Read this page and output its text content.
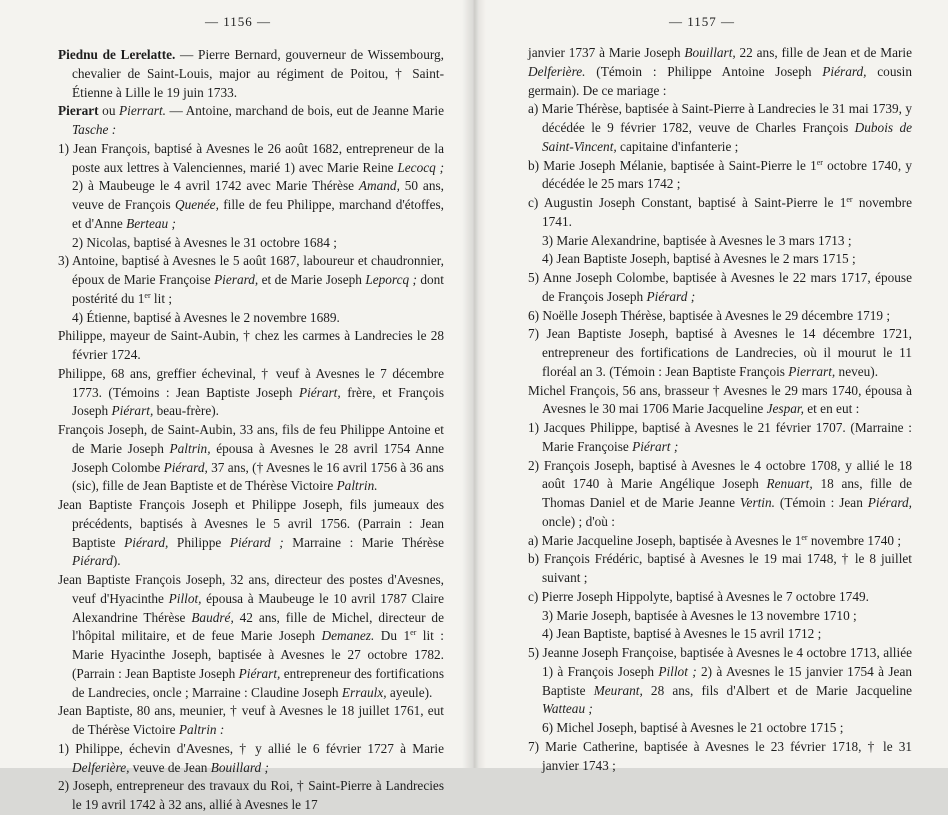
— 1156 —

Piednu de Lerelatte. — Pierre Bernard, gouverneur de Wissembourg, chevalier de Saint-Louis, major au régiment de Poitou, † Saint-Étienne à Lille le 19 juin 1733.

Pierart ou Pierrart. — Antoine, marchand de bois, eut de Jeanne Marie Tasche :

1) Jean François, baptisé à Avesnes le 26 août 1682, entrepreneur de la poste aux lettres à Valenciennes, marié 1) avec Marie Reine Lecocq ; 2) à Maubeuge le 4 avril 1742 avec Marie Thérèse Amand, 50 ans, veuve de François Quenée, fille de feu Philippe, marchand d'étoffes, et d'Anne Berteau ;

2) Nicolas, baptisé à Avesnes le 31 octobre 1684 ;

3) Antoine, baptisé à Avesnes le 5 août 1687, laboureur et chaudronnier, époux de Marie Françoise Pierard, et de Marie Joseph Leporcq ; dont postérité du 1er lit ;

4) Étienne, baptisé à Avesnes le 2 novembre 1689.

Philippe, mayeur de Saint-Aubin, † chez les carmes à Landrecies le 28 février 1724.

Philippe, 68 ans, greffier échevinal, † veuf à Avesnes le 7 décembre 1773. (Témoins : Jean Baptiste Joseph Piérart, frère, et François Joseph Piérart, beau-frère).

François Joseph, de Saint-Aubin, 33 ans, fils de feu Philippe Antoine et de Marie Joseph Paltrin, épousa à Avesnes le 28 avril 1754 Anne Joseph Colombe Piérard, 37 ans, († Avesnes le 16 avril 1756 à 36 ans (sic), fille de Jean Baptiste et de Thérèse Victoire Paltrin.

Jean Baptiste François Joseph et Philippe Joseph, fils jumeaux des précédents, baptisés à Avesnes le 5 avril 1756. (Parrain : Jean Baptiste Piérard, Philippe Piérard ; Marraine : Marie Thérèse Piérard).

Jean Baptiste François Joseph, 32 ans, directeur des postes d'Avesnes, veuf d'Hyacinthe Pillot, épousa à Maubeuge le 10 avril 1787 Claire Alexandrine Thérèse Baudré, 42 ans, fille de Michel, directeur de l'hôpital militaire, et de feue Marie Joseph Demanez. Du 1er lit : Marie Hyacinthe Joseph, baptisée à Avesnes le 27 octobre 1782. (Parrain : Jean Baptiste Joseph Piérart, entrepreneur des fortifications de Landrecies, oncle ; Marraine : Claudine Joseph Erraulx, ayeule).

Jean Baptiste, 80 ans, meunier, † veuf à Avesnes le 18 juillet 1761, eut de Thérèse Victoire Paltrin :

1) Philippe, échevin d'Avesnes, † y allié le 6 février 1727 à Marie Delferière, veuve de Jean Bouillard ;

2) Joseph, entrepreneur des travaux du Roi, † Saint-Pierre à Landrecies le 19 avril 1742 à 32 ans, allié à Avesnes le 17

— 1157 —

janvier 1737 à Marie Joseph Bouillart, 22 ans, fille de Jean et de Marie Delferière. (Témoin : Philippe Antoine Joseph Piérard, cousin germain). De ce mariage :

a) Marie Thérèse, baptisée à Saint-Pierre à Landrecies le 31 mai 1739, y décédée le 9 février 1782, veuve de Charles François Dubois de Saint-Vincent, capitaine d'infanterie ;

b) Marie Joseph Mélanie, baptisée à Saint-Pierre le 1er octobre 1740, y décédée le 25 mars 1742 ;

c) Augustin Joseph Constant, baptisé à Saint-Pierre le 1er novembre 1741.

3) Marie Alexandrine, baptisée à Avesnes le 3 mars 1713 ;

4) Jean Baptiste Joseph, baptisé à Avesnes le 2 mars 1715 ;

5) Anne Joseph Colombe, baptisée à Avesnes le 22 mars 1717, épouse de François Joseph Piérard ;

6) Noëlle Joseph Thérèse, baptisée à Avesnes le 29 décembre 1719 ;

7) Jean Baptiste Joseph, baptisé à Avesnes le 14 décembre 1721, entrepreneur des fortifications de Landrecies, où il mourut le 11 floréal an 3. (Témoin : Jean Baptiste François Pierrart, neveu).

Michel François, 56 ans, brasseur † Avesnes le 29 mars 1740, épousa à Avesnes le 30 mai 1706 Marie Jacqueline Jespar, et en eut :

1) Jacques Philippe, baptisé à Avesnes le 21 février 1707. (Marraine : Marie Françoise Piérart ;

2) François Joseph, baptisé à Avesnes le 4 octobre 1708, y allié le 18 août 1740 à Marie Angélique Joseph Renuart, 18 ans, fille de Thomas Daniel et de Marie Jeanne Vertin. (Témoin : Jean Piérard, oncle) ; d'où :

a) Marie Jacqueline Joseph, baptisée à Avesnes le 1er novembre 1740 ;

b) François Frédéric, baptisé à Avesnes le 19 mai 1748, † le 8 juillet suivant ;

c) Pierre Joseph Hippolyte, baptisé à Avesnes le 7 octobre 1749.

3) Marie Joseph, baptisée à Avesnes le 13 novembre 1710 ;

4) Jean Baptiste, baptisé à Avesnes le 15 avril 1712 ;

5) Jeanne Joseph Françoise, baptisée à Avesnes le 4 octobre 1713, alliée 1) à François Joseph Pillot ; 2) à Avesnes le 15 janvier 1754 à Jean Baptiste Meurant, 28 ans, fils d'Albert et de Marie Jacqueline Watteau ;

6) Michel Joseph, baptisé à Avesnes le 21 octobre 1715 ;

7) Marie Catherine, baptisée à Avesnes le 23 février 1718, † le 31 janvier 1743 ;
